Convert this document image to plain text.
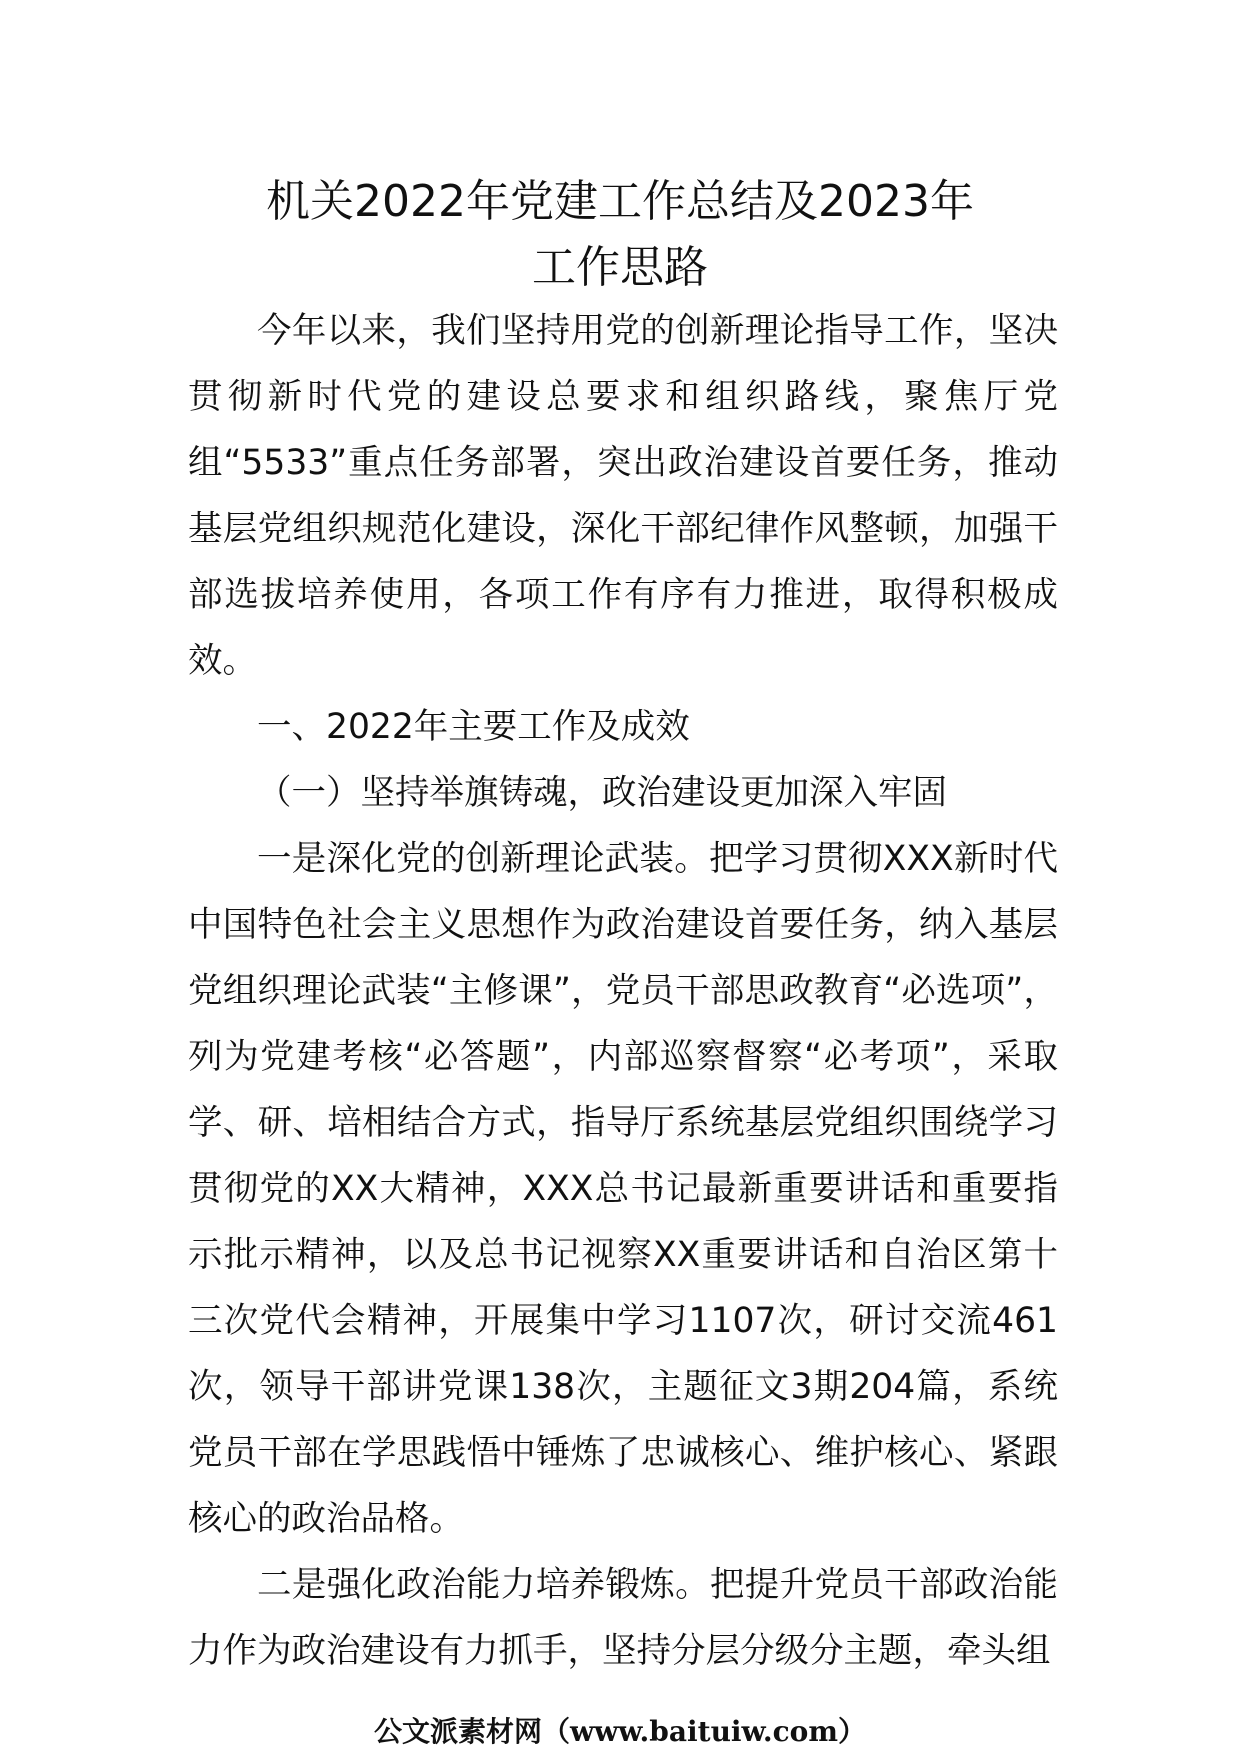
机关2022年党建工作总结及2023年
工作思路

今年以来，我们坚持用党的创新理论指导工作，坚决贯彻新时代党的建设总要求和组织路线，聚焦厅党组“5533”重点任务部署，突出政治建设首要任务，推动基层党组织规范化建设，深化干部纪律作风整顿，加强干部选拔培养使用，各项工作有序有力推进，取得积极成效。

一、2022年主要工作及成效

（一）坚持举旗铸魂，政治建设更加深入牢固

一是深化党的创新理论武装。把学习贯彻XXX新时代中国特色社会主义思想作为政治建设首要任务，纳入基层党组织理论武装“主修课”，党员干部思政教育“必选项”，列为党建考核“必答题”，内部巡察督察“必考项”，采取学、研、培相结合方式，指导厅系统基层党组织围绕学习贯彻党的XX大精神，XXX总书记最新重要讲话和重要指示批示精神，以及总书记视察XX重要讲话和自治区第十三次党代会精神，开展集中学习1107次，研讨交流461次，领导干部讲党课138次，主题征文3期204篇，系统党员干部在学思践悟中锤炼了忠诚核心、维护核心、紧跟核心的政治品格。

二是强化政治能力培养锻炼。把提升党员干部政治能力作为政治建设有力抓手，坚持分层分级分主题，牵头组

公文派素材网（www.baituiw.com）
